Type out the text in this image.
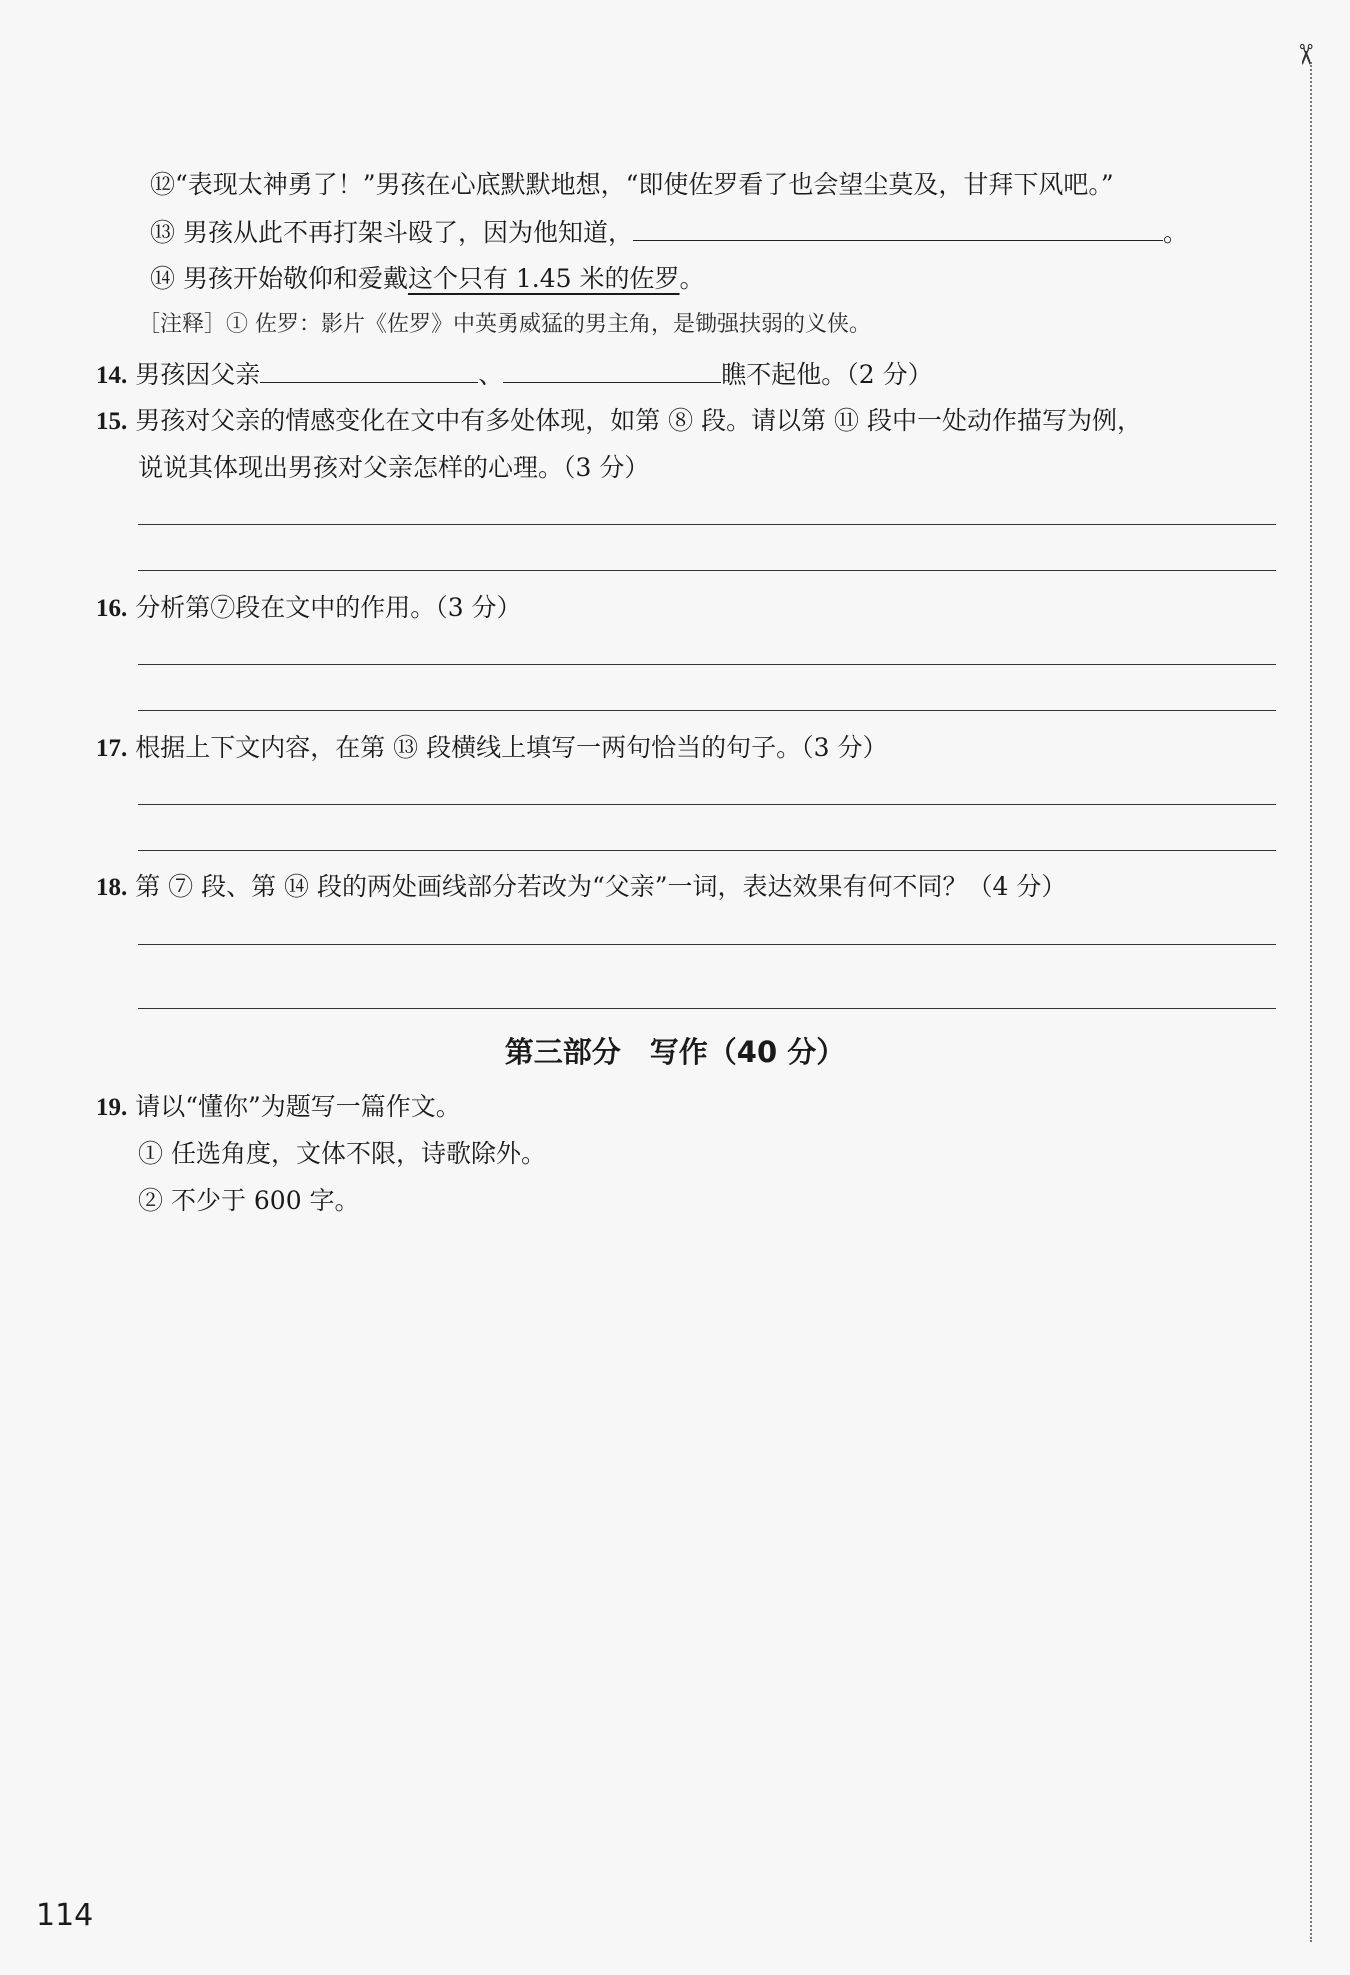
✂
⑫“表现太神勇了！”男孩在心底默默地想，“即使佐罗看了也会望尘莫及，甘拜下风吧。”
⑬ 男孩从此不再打架斗殴了，因为他知道，	。
⑭ 男孩开始敬仰和爱戴这个只有 1.45 米的佐罗。
［注释］① 佐罗：影片《佐罗》中英勇威猛的男主角，是锄强扶弱的义侠。
14. 男孩因父亲	、	瞧不起他。（2 分）
15. 男孩对父亲的情感变化在文中有多处体现，如第 ⑧ 段。请以第 ⑪ 段中一处动作描写为例，
说说其体现出男孩对父亲怎样的心理。（3 分）
16. 分析第⑦段在文中的作用。（3 分）
17. 根据上下文内容，在第 ⑬ 段横线上填写一两句恰当的句子。（3 分）
18. 第 ⑦ 段、第 ⑭ 段的两处画线部分若改为“父亲”一词，表达效果有何不同？（4 分）
第三部分　写作（40 分）
19. 请以“懂你”为题写一篇作文。
① 任选角度，文体不限，诗歌除外。
② 不少于 600 字。
114
